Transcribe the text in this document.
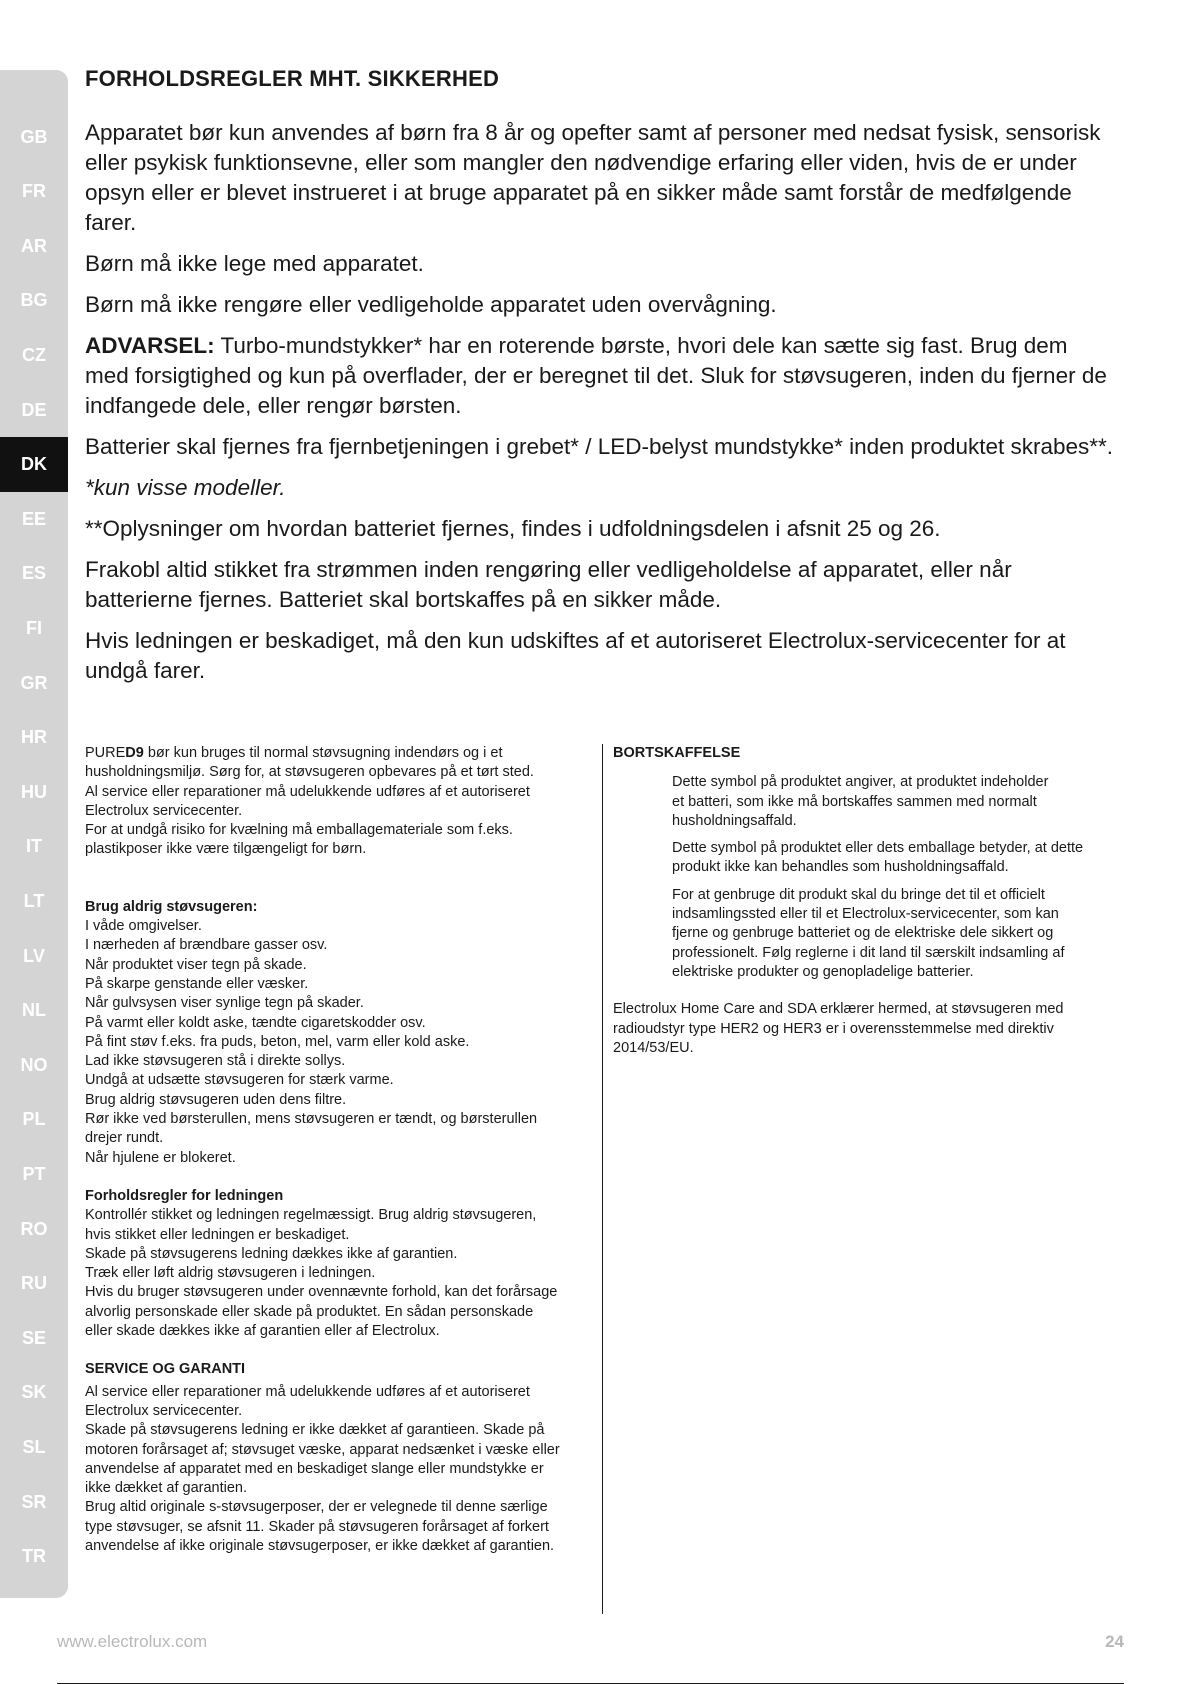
GB
FR
AR
BG
CZ
DE
DK
EE
ES
FI
GR
HR
HU
IT
LT
LV
NL
NO
PL
PT
RO
RU
SE
SK
SL
SR
TR
UA
FORHOLDSREGLER MHT. SIKKERHED

Apparatet bør kun anvendes af børn fra 8 år og opefter samt af personer med nedsat fysisk, sensorisk eller psykisk funktionsevne, eller som mangler den nødvendige erfaring eller viden, hvis de er under opsyn eller er blevet instrueret i at bruge apparatet på en sikker måde samt forstår de medfølgende farer.

Børn må ikke lege med apparatet.

Børn må ikke rengøre eller vedligeholde apparatet uden overvågning.

ADVARSEL: Turbo-mundstykker* har en roterende børste, hvori dele kan sætte sig fast. Brug dem med forsigtighed og kun på overflader, der er beregnet til det. Sluk for støvsugeren, inden du fjerner de indfangede dele, eller rengør børsten.

Batterier skal fjernes fra fjernbetjeningen i grebet* / LED-belyst mundstykke* inden produktet skrabes**.

*kun visse modeller.

**Oplysninger om hvordan batteriet fjernes, findes i udfoldningsdelen i afsnit 25 og 26.

Frakobl altid stikket fra strømmen inden rengøring eller vedligeholdelse af apparatet, eller når batterierne fjernes. Batteriet skal bortskaffes på en sikker måde.

Hvis ledningen er beskadiget, må den kun udskiftes af et autoriseret Electrolux-servicecenter for at undgå farer.

PURED9 bør kun bruges til normal støvsugning indendørs og i et

husholdningsmiljø. Sørg for, at støvsugeren opbevares på et tørt sted.

Al service eller reparationer må udelukkende udføres af et autoriseret

Electrolux servicecenter.

For at undgå risiko for kvælning må emballagemateriale som f.eks.

plastikposer ikke være tilgængeligt for børn.

Brug aldrig støvsugeren:

I våde omgivelser.

I nærheden af brændbare gasser osv.

Når produktet viser tegn på skade.

På skarpe genstande eller væsker.

Når gulvsysen viser synlige tegn på skader.

På varmt eller koldt aske, tændte cigaretskodder osv.

På fint støv f.eks. fra puds, beton, mel, varm eller kold aske.

Lad ikke støvsugeren stå i direkte sollys.

Undgå at udsætte støvsugeren for stærk varme.

Brug aldrig støvsugeren uden dens filtre.

Rør ikke ved børsterullen, mens støvsugeren er tændt, og børsterullen

drejer rundt.

Når hjulene er blokeret.

Forholdsregler for ledningen

Kontrollér stikket og ledningen regelmæssigt. Brug aldrig støvsugeren,

hvis stikket eller ledningen er beskadiget.

Skade på støvsugerens ledning dækkes ikke af garantien.

Træk eller løft aldrig støvsugeren i ledningen.

Hvis du bruger støvsugeren under ovennævnte forhold, kan det forårsage

alvorlig personskade eller skade på produktet. En sådan personskade

eller skade dækkes ikke af garantien eller af Electrolux.

SERVICE OG GARANTI

Al service eller reparationer må udelukkende udføres af et autoriseret

Electrolux servicecenter.

Skade på støvsugerens ledning er ikke dækket af garantieen. Skade på

motoren forårsaget af; støvsuget væske, apparat nedsænket i væske eller

anvendelse af apparatet med en beskadiget slange eller mundstykke er

ikke dækket af garantien.

Brug altid originale s-støvsugerposer, der er velegnede til denne særlige

type støvsuger, se afsnit 11. Skader på støvsugeren forårsaget af forkert

anvendelse af ikke originale støvsugerposer, er ikke dækket af garantien.

BORTSKAFFELSE

Dette symbol på produktet angiver, at produktet indeholder
et batteri, som ikke må bortskaffes sammen med normalt
husholdningsaffald.

Dette symbol på produktet eller dets emballage betyder, at dette
produkt ikke kan behandles som husholdningsaffald.

For at genbruge dit produkt skal du bringe det til et officielt
indsamlingssted eller til et Electrolux-servicecenter, som kan
fjerne og genbruge batteriet og de elektriske dele sikkert og
professionelt. Følg reglerne i dit land til særskilt indsamling af
elektriske produkter og genopladelige batterier.

Electrolux Home Care and SDA erklærer hermed, at støvsugeren med
radioudstyr type HER2 og HER3 er i overensstemmelse med direktiv
2014/53/EU.

www.electrolux.com	24
